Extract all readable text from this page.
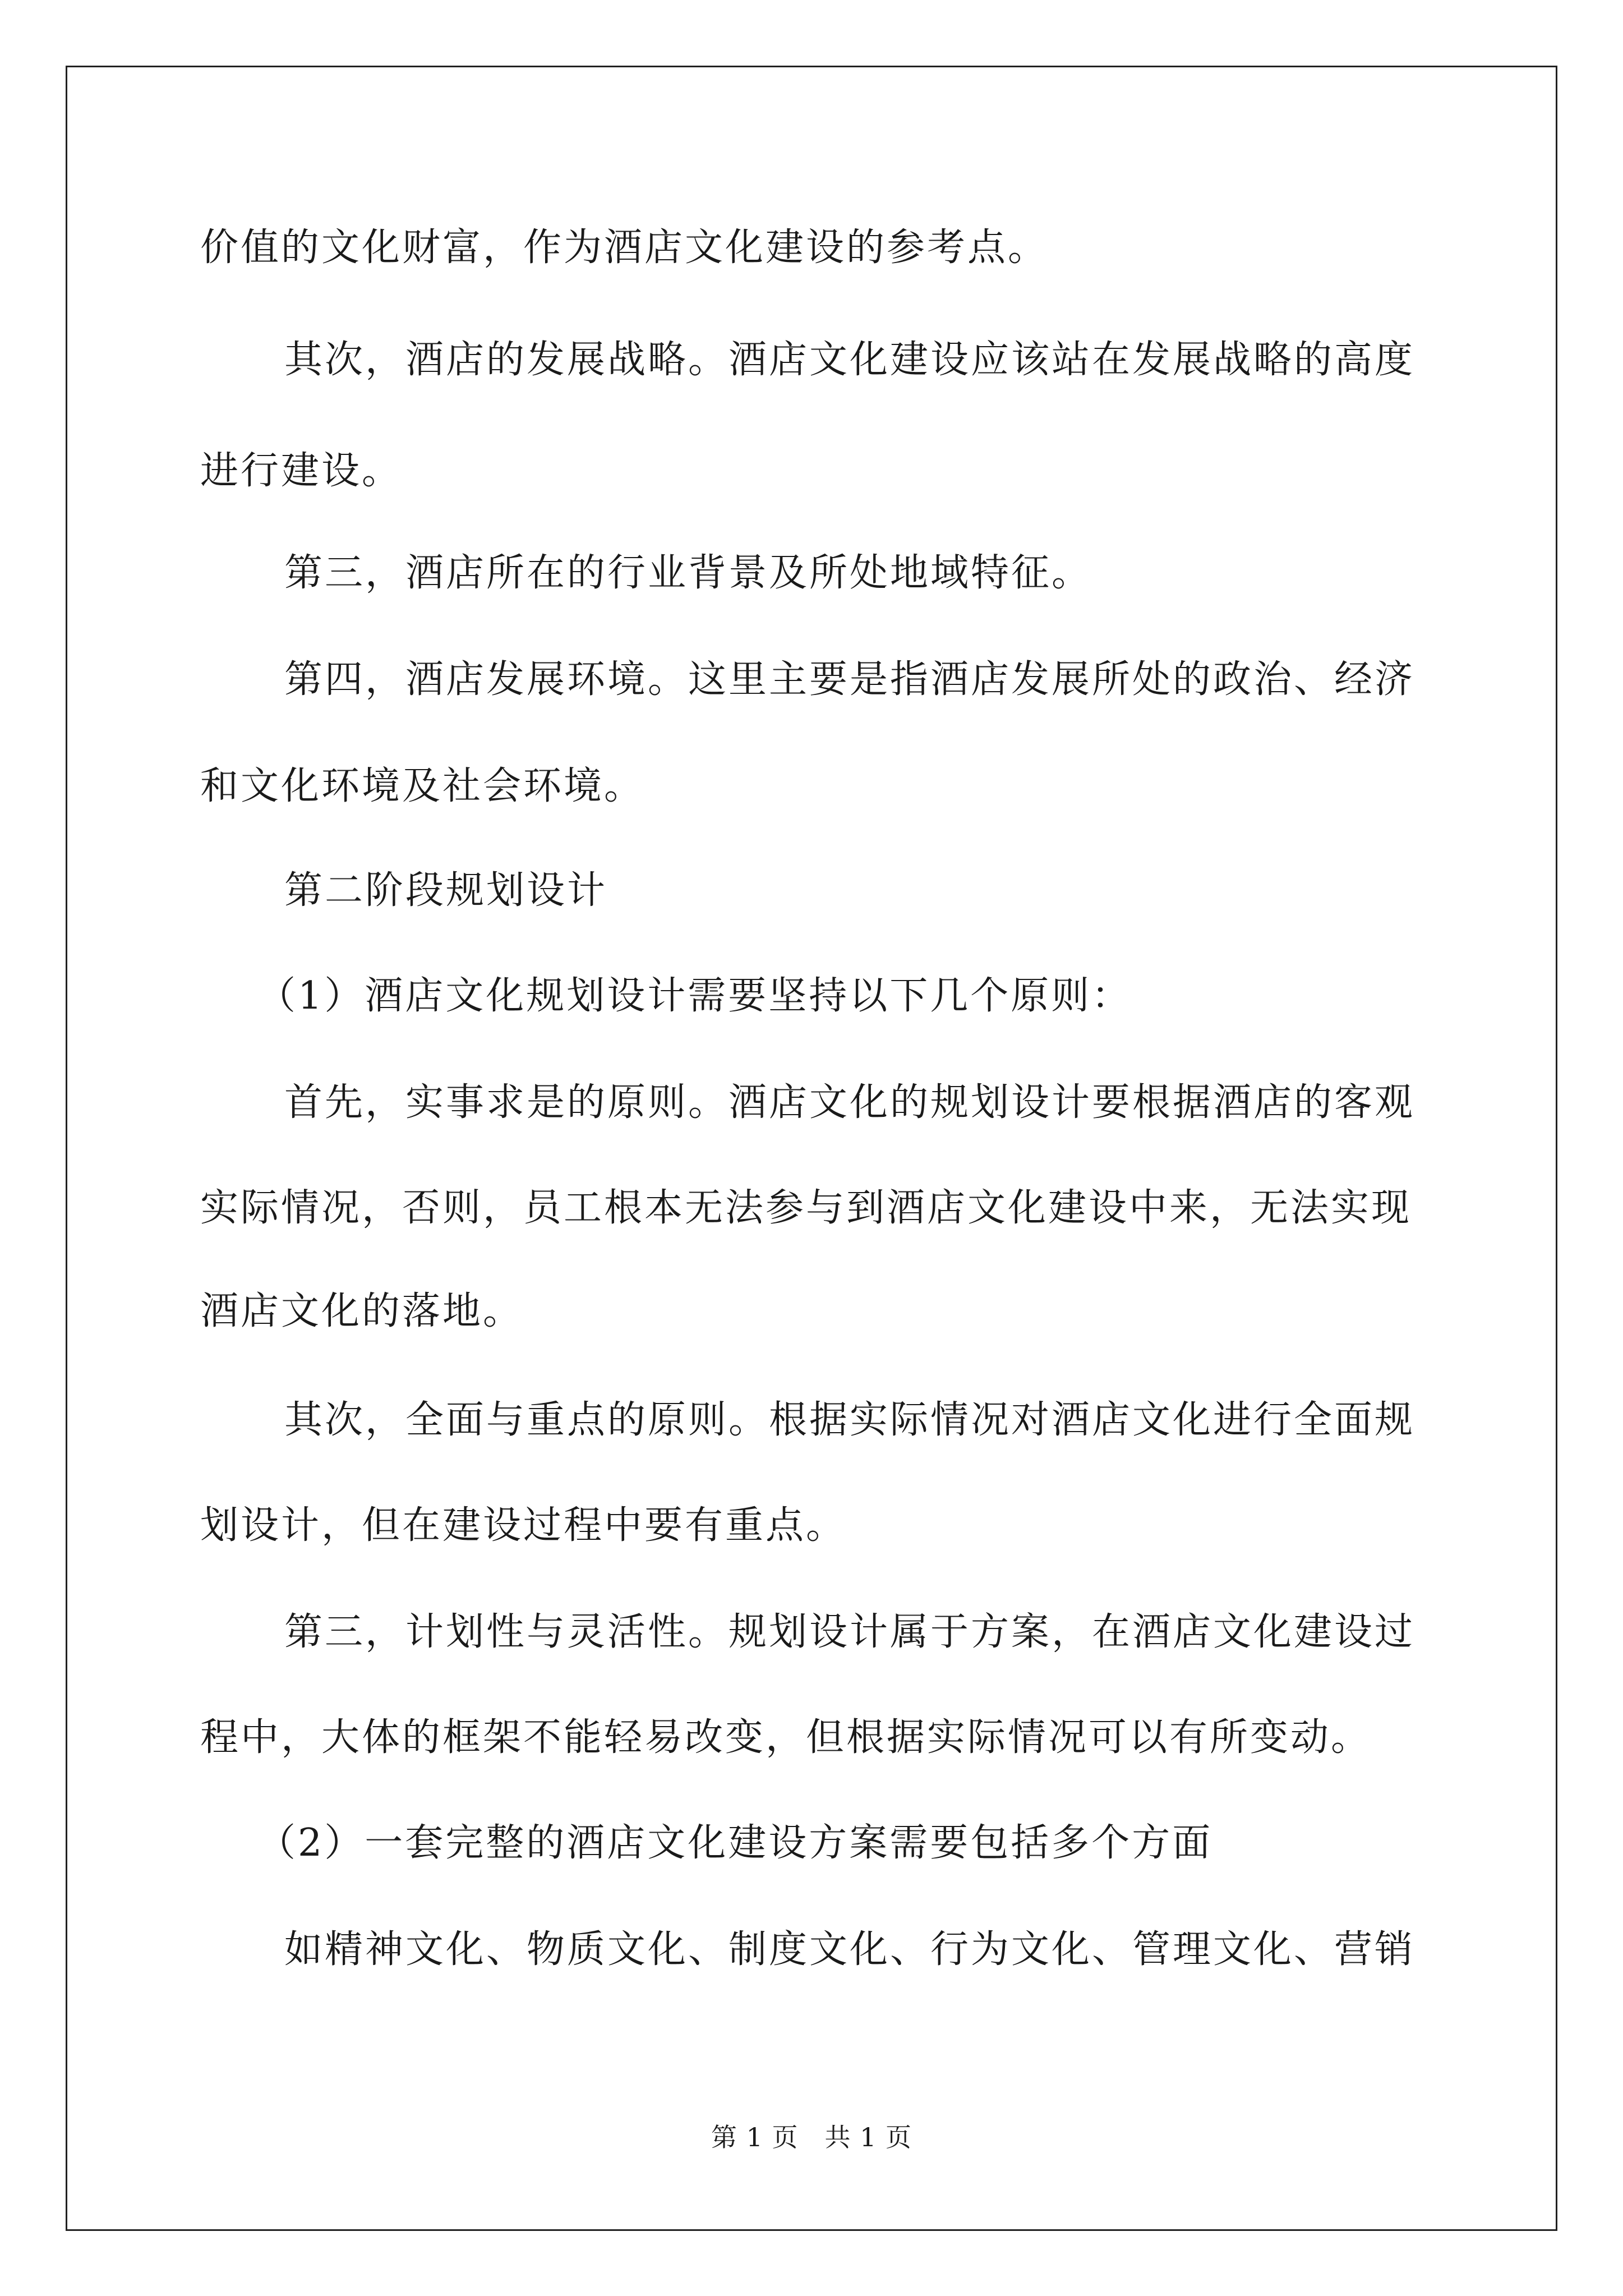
价值的文化财富，作为酒店文化建设的参考点。
其次，酒店的发展战略。酒店文化建设应该站在发展战略的高度
进行建设。
第三，酒店所在的行业背景及所处地域特征。
第四，酒店发展环境。这里主要是指酒店发展所处的政治、经济
和文化环境及社会环境。
第二阶段规划设计
（1）酒店文化规划设计需要坚持以下几个原则：
首先，实事求是的原则。酒店文化的规划设计要根据酒店的客观
实际情况，否则，员工根本无法参与到酒店文化建设中来，无法实现
酒店文化的落地。
其次，全面与重点的原则。根据实际情况对酒店文化进行全面规
划设计，但在建设过程中要有重点。
第三，计划性与灵活性。规划设计属于方案，在酒店文化建设过
程中，大体的框架不能轻易改变，但根据实际情况可以有所变动。
（2）一套完整的酒店文化建设方案需要包括多个方面
如精神文化、物质文化、制度文化、行为文化、管理文化、营销
第 1 页　共 1 页
